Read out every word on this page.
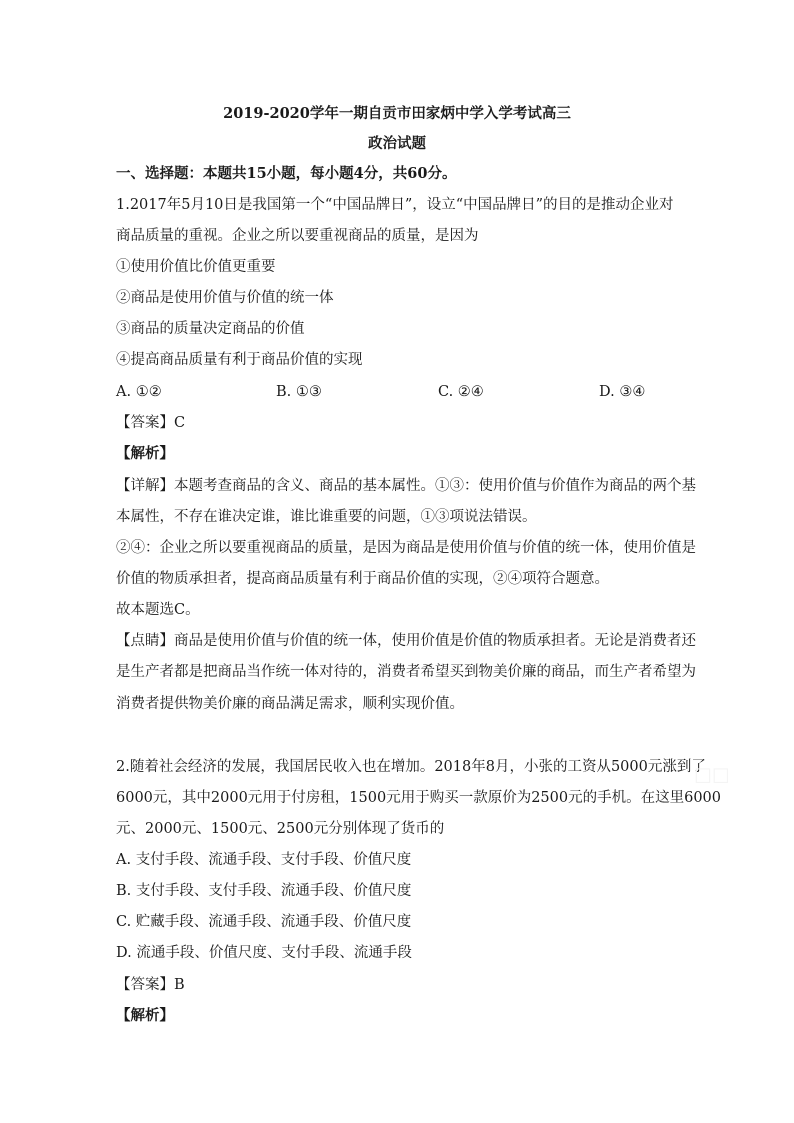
2019-2020学年一期自贡市田家炳中学入学考试高三
政治试题
一、选择题：本题共15小题，每小题4分，共60分。
1.2017年5月10日是我国第一个“中国品牌日”，设立“中国品牌日”的目的是推动企业对
商品质量的重视。企业之所以要重视商品的质量，是因为
①使用价值比价值更重要
②商品是使用价值与价值的统一体
③商品的质量决定商品的价值
④提高商品质量有利于商品价值的实现
A. ①②	B. ①③	C. ②④	D. ③④
【答案】C
【解析】
【详解】本题考查商品的含义、商品的基本属性。①③：使用价值与价值作为商品的两个基
本属性，不存在谁决定谁，谁比谁重要的问题，①③项说法错误。
②④：企业之所以要重视商品的质量，是因为商品是使用价值与价值的统一体，使用价值是
价值的物质承担者，提高商品质量有利于商品价值的实现，②④项符合题意。
故本题选C。
【点睛】商品是使用价值与价值的统一体，使用价值是价值的物质承担者。无论是消费者还
是生产者都是把商品当作统一体对待的，消费者希望买到物美价廉的商品，而生产者希望为
消费者提供物美价廉的商品满足需求，顺利实现价值。
2.随着社会经济的发展，我国居民收入也在增加。2018年8月，小张的工资从5000元涨到了
6000元，其中2000元用于付房租，1500元用于购买一款原价为2500元的手机。在这里6000
元、2000元、1500元、2500元分别体现了货币的
A. 支付手段、流通手段、支付手段、价值尺度
B. 支付手段、支付手段、流通手段、价值尺度
C. 贮藏手段、流通手段、流通手段、价值尺度
D. 流通手段、价值尺度、支付手段、流通手段
【答案】B
【解析】
☐☐
